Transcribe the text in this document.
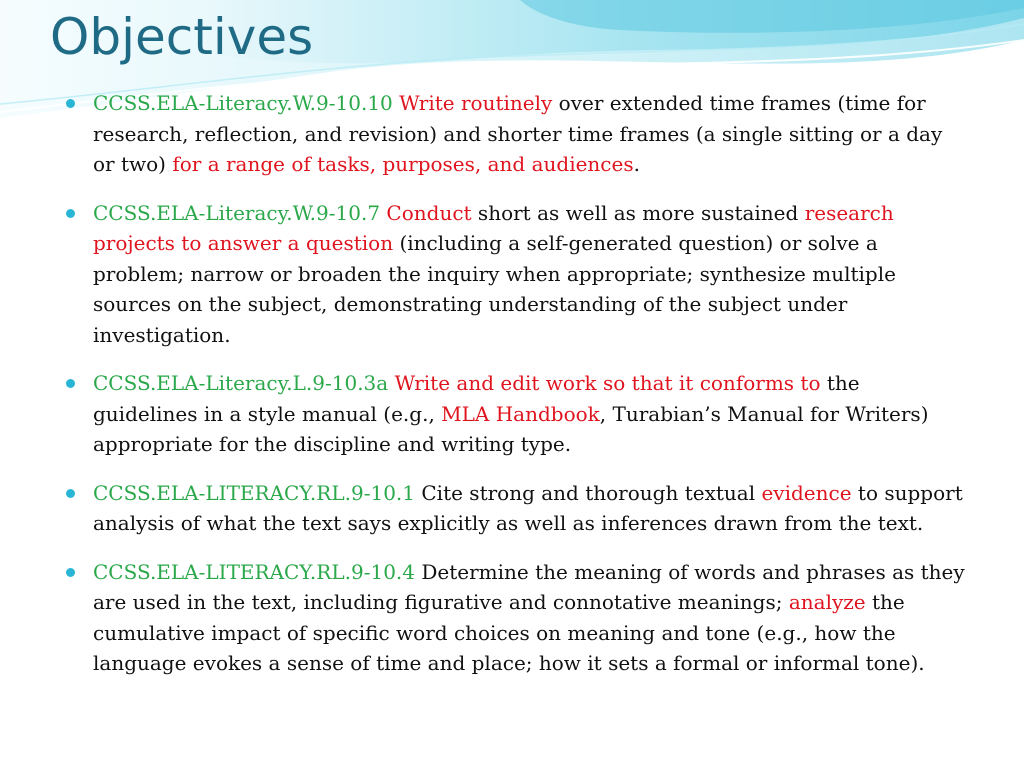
Objectives
CCSS.ELA-Literacy.W.9-10.10 Write routinely over extended time frames (time for research, reflection, and revision) and shorter time frames (a single sitting or a day or two) for a range of tasks, purposes, and audiences.
CCSS.ELA-Literacy.W.9-10.7 Conduct short as well as more sustained research projects to answer a question (including a self-generated question) or solve a problem; narrow or broaden the inquiry when appropriate; synthesize multiple sources on the subject, demonstrating understanding of the subject under investigation.
CCSS.ELA-Literacy.L.9-10.3a Write and edit work so that it conforms to the guidelines in a style manual (e.g., MLA Handbook, Turabian’s Manual for Writers) appropriate for the discipline and writing type.
CCSS.ELA-LITERACY.RL.9-10.1 Cite strong and thorough textual evidence to support analysis of what the text says explicitly as well as inferences drawn from the text.
CCSS.ELA-LITERACY.RL.9-10.4 Determine the meaning of words and phrases as they are used in the text, including figurative and connotative meanings; analyze the cumulative impact of specific word choices on meaning and tone (e.g., how the language evokes a sense of time and place; how it sets a formal or informal tone).
